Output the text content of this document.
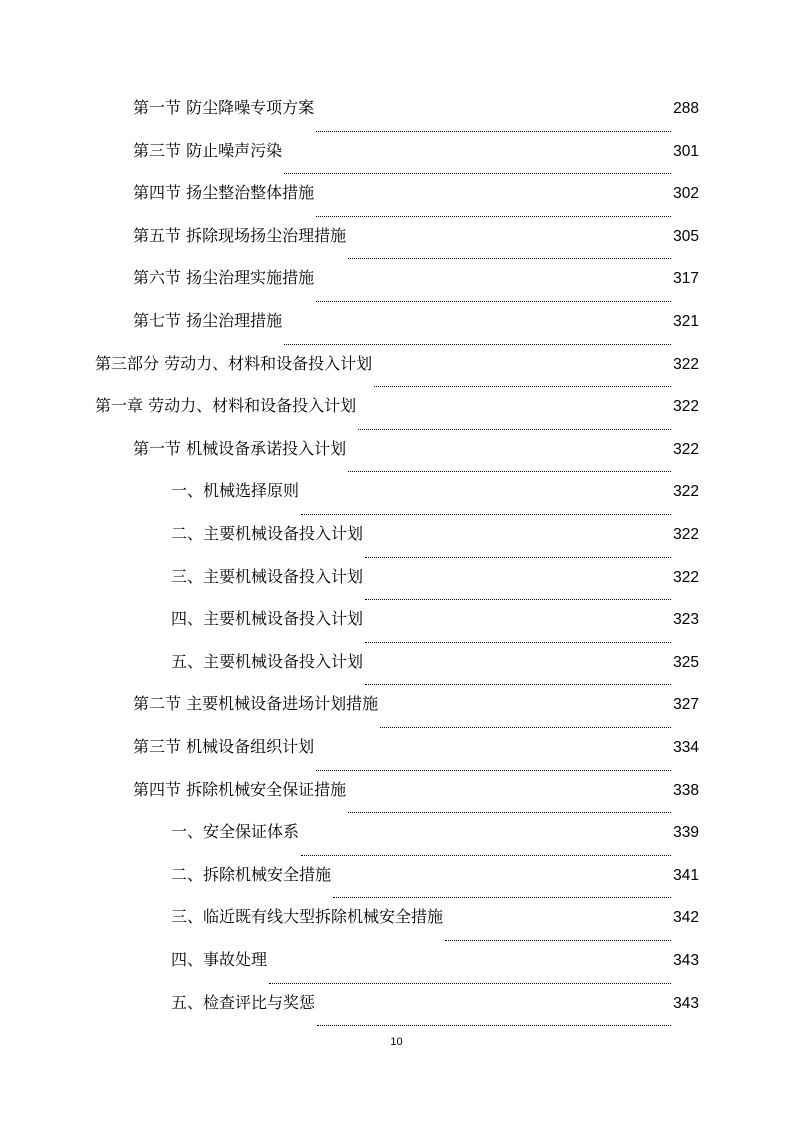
第一节 防尘降噪专项方案	288
第三节 防止噪声污染	301
第四节 扬尘整治整体措施	302
第五节 拆除现场扬尘治理措施	305
第六节 扬尘治理实施措施	317
第七节 扬尘治理措施	321
第三部分 劳动力、材料和设备投入计划	322
第一章 劳动力、材料和设备投入计划	322
第一节 机械设备承诺投入计划	322
一、机械选择原则	322
二、主要机械设备投入计划	322
三、主要机械设备投入计划	322
四、主要机械设备投入计划	323
五、主要机械设备投入计划	325
第二节 主要机械设备进场计划措施	327
第三节 机械设备组织计划	334
第四节 拆除机械安全保证措施	338
一、安全保证体系	339
二、拆除机械安全措施	341
三、临近既有线大型拆除机械安全措施	342
四、事故处理	343
五、检查评比与奖惩	343
10
